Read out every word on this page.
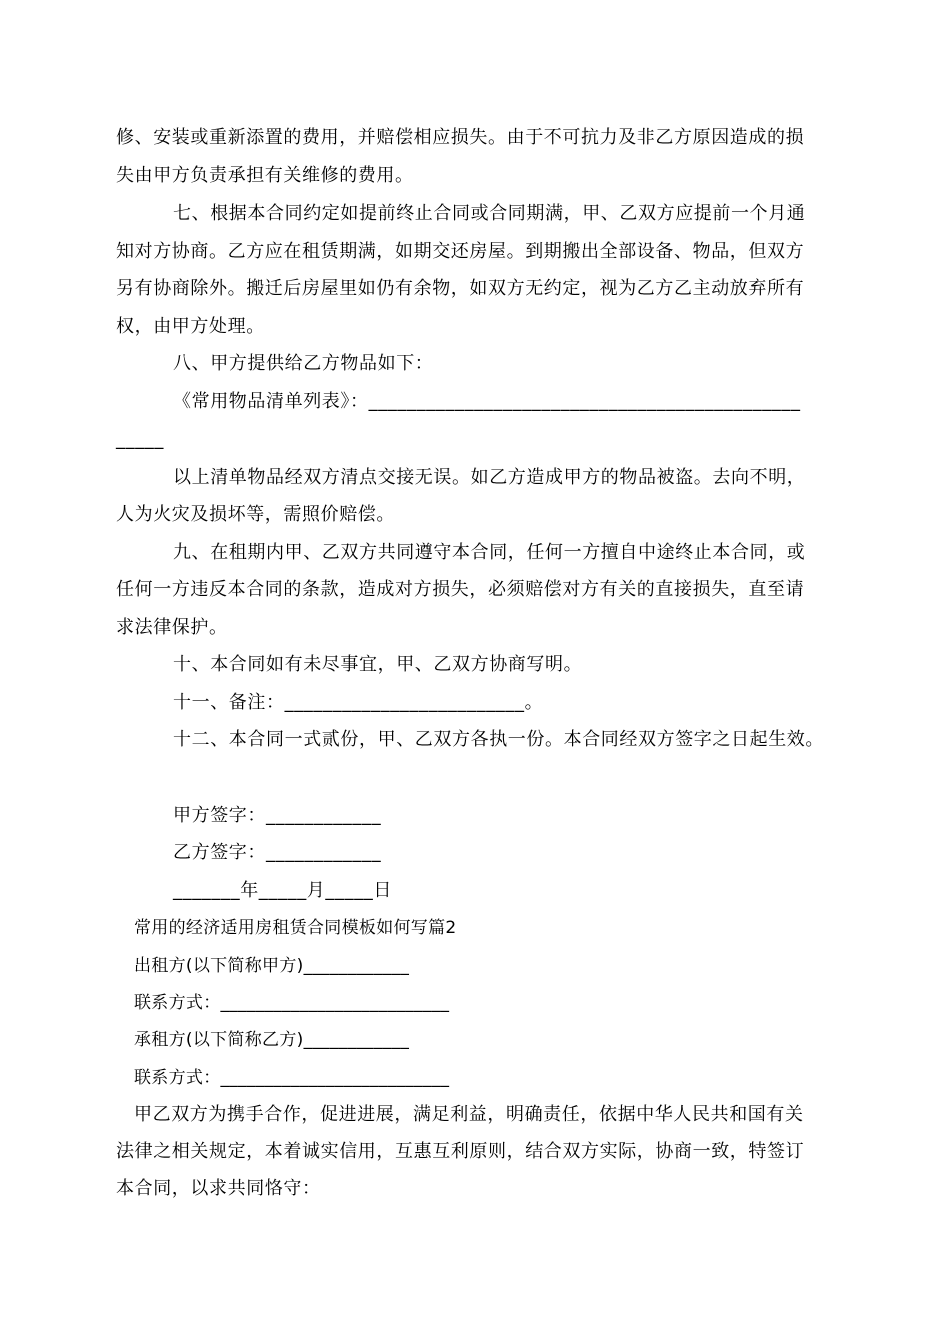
修、安装或重新添置的费用，并赔偿相应损失。由于不可抗力及非乙方原因造成的损
失由甲方负责承担有关维修的费用。
七、根据本合同约定如提前终止合同或合同期满，甲、乙双方应提前一个月通
知对方协商。乙方应在租赁期满，如期交还房屋。到期搬出全部设备、物品，但双方
另有协商除外。搬迁后房屋里如仍有余物，如双方无约定，视为乙方乙主动放弃所有
权，由甲方处理。
八、甲方提供给乙方物品如下：
《常用物品清单列表》：_____________________________________________
_____
以上清单物品经双方清点交接无误。如乙方造成甲方的物品被盗。去向不明，
人为火灾及损坏等，需照价赔偿。
九、在租期内甲、乙双方共同遵守本合同，任何一方擅自中途终止本合同，或
任何一方违反本合同的条款，造成对方损失，必须赔偿对方有关的直接损失，直至请
求法律保护。
十、本合同如有未尽事宜，甲、乙双方协商写明。
十一、备注：_________________________。
十二、本合同一式贰份，甲、乙双方各执一份。本合同经双方签字之日起生效。
甲方签字：____________
乙方签字：____________
_______年_____月_____日
常用的经济适用房租赁合同模板如何写篇2
出租方(以下简称甲方)____________
联系方式：__________________________
承租方(以下简称乙方)____________
联系方式：__________________________
甲乙双方为携手合作，促进进展，满足利益，明确责任，依据中华人民共和国有关
法律之相关规定，本着诚实信用，互惠互利原则，结合双方实际，协商一致，特签订
本合同，以求共同恪守：
